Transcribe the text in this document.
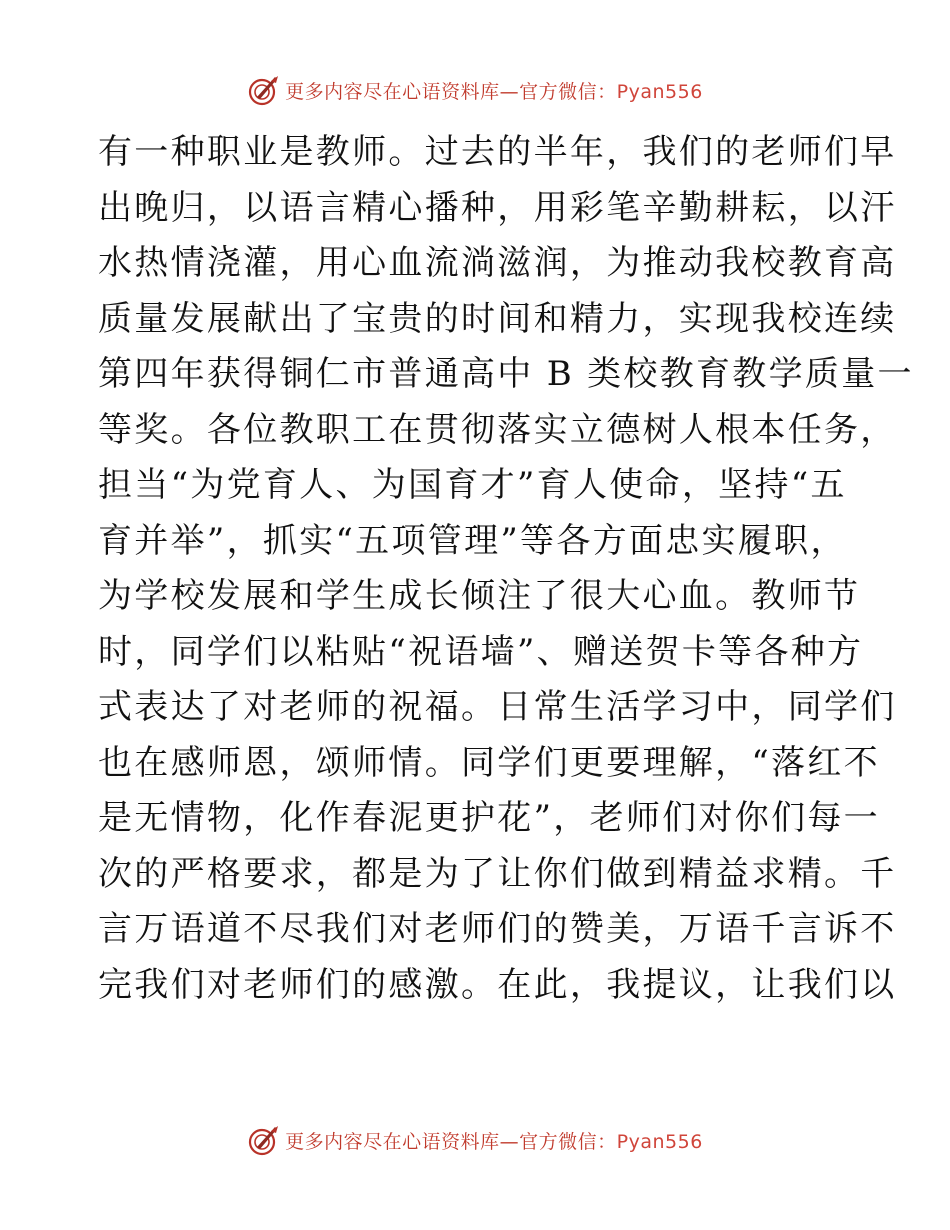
更多内容尽在心语资料库—官方微信：Pyan556
有一种职业是教师。过去的半年，我们的老师们早
出晚归，以语言精心播种，用彩笔辛勤耕耘，以汗
水热情浇灌，用心血流淌滋润，为推动我校教育高
质量发展献出了宝贵的时间和精力，实现我校连续
第四年获得铜仁市普通高中 B 类校教育教学质量一
等奖。各位教职工在贯彻落实立德树人根本任务，
担当“为党育人、为国育才”育人使命，坚持“五
育并举”，抓实“五项管理”等各方面忠实履职，
为学校发展和学生成长倾注了很大心血。教师节
时，同学们以粘贴“祝语墙”、赠送贺卡等各种方
式表达了对老师的祝福。日常生活学习中，同学们
也在感师恩，颂师情。同学们更要理解，“落红不
是无情物，化作春泥更护花”，老师们对你们每一
次的严格要求，都是为了让你们做到精益求精。千
言万语道不尽我们对老师们的赞美，万语千言诉不
完我们对老师们的感激。在此，我提议，让我们以
更多内容尽在心语资料库—官方微信：Pyan556
